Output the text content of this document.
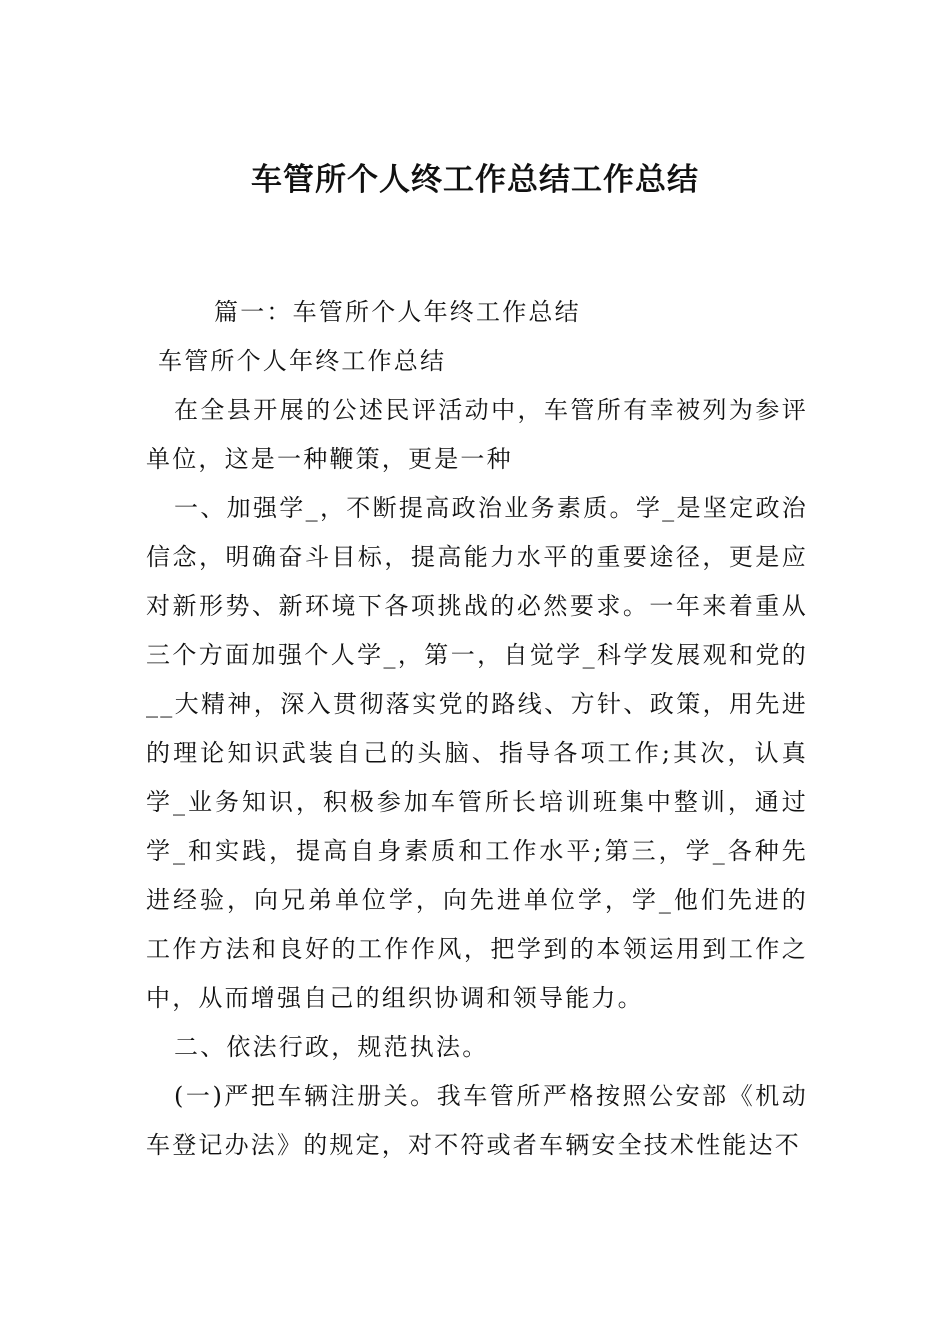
车管所个人终工作总结工作总结

篇一：车管所个人年终工作总结

车管所个人年终工作总结

在全县开展的公述民评活动中，车管所有幸被列为参评单位，这是一种鞭策，更是一种

一、加强学_，不断提高政治业务素质。学_是坚定政治信念，明确奋斗目标，提高能力水平的重要途径，更是应对新形势、新环境下各项挑战的必然要求。一年来着重从三个方面加强个人学_，第一，自觉学_科学发展观和党的__大精神，深入贯彻落实党的路线、方针、政策，用先进的理论知识武装自己的头脑、指导各项工作;其次，认真学_业务知识，积极参加车管所长培训班集中整训，通过学_和实践，提高自身素质和工作水平;第三，学_各种先进经验，向兄弟单位学，向先进单位学，学_他们先进的工作方法和良好的工作作风，把学到的本领运用到工作之中，从而增强自己的组织协调和领导能力。

二、依法行政，规范执法。

(一)严把车辆注册关。我车管所严格按照公安部《机动车登记办法》的规定，对不符或者车辆安全技术性能达不
